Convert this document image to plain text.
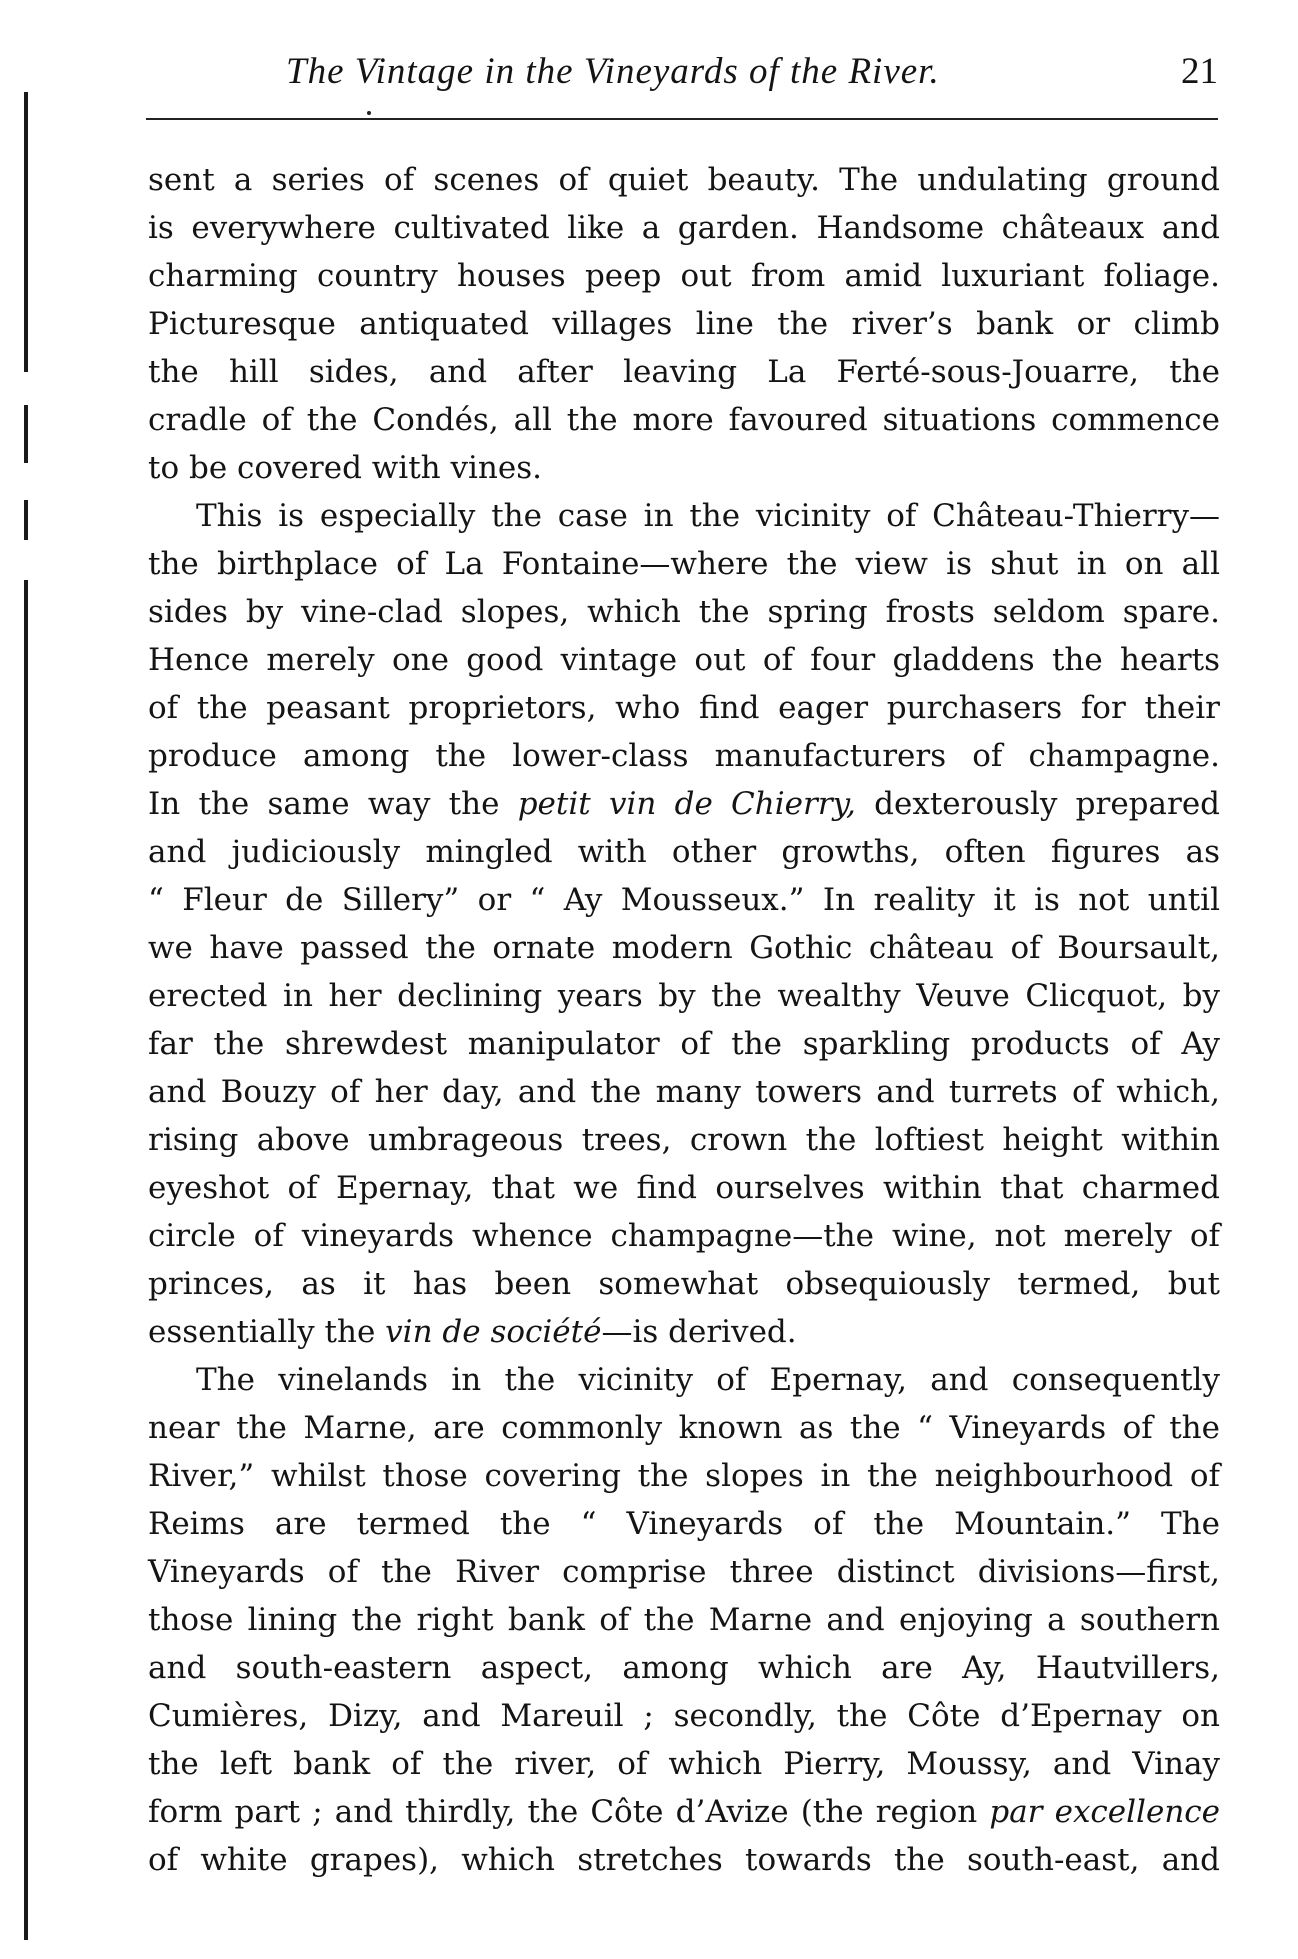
The Vintage in the Vineyards of the River.	21
sent a series of scenes of quiet beauty. The undulating ground
is everywhere cultivated like a garden. Handsome châteaux and
charming country houses peep out from amid luxuriant foliage.
Picturesque antiquated villages line the river’s bank or climb
the hill sides, and after leaving La Ferté-sous-Jouarre, the
cradle of the Condés, all the more favoured situations commence
to be covered with vines.
This is especially the case in the vicinity of Château-Thierry—
the birthplace of La Fontaine—where the view is shut in on all
sides by vine-clad slopes, which the spring frosts seldom spare.
Hence merely one good vintage out of four gladdens the hearts
of the peasant proprietors, who find eager purchasers for their
produce among the lower-class manufacturers of champagne.
In the same way the petit vin de Chierry, dexterously prepared
and judiciously mingled with other growths, often figures as
“ Fleur de Sillery” or “ Ay Mousseux.” In reality it is not until
we have passed the ornate modern Gothic château of Boursault,
erected in her declining years by the wealthy Veuve Clicquot, by
far the shrewdest manipulator of the sparkling products of Ay
and Bouzy of her day, and the many towers and turrets of which,
rising above umbrageous trees, crown the loftiest height within
eyeshot of Epernay, that we find ourselves within that charmed
circle of vineyards whence champagne—the wine, not merely of
princes, as it has been somewhat obsequiously termed, but
essentially the vin de société—is derived.
The vinelands in the vicinity of Epernay, and consequently
near the Marne, are commonly known as the “ Vineyards of the
River,” whilst those covering the slopes in the neighbourhood of
Reims are termed the “ Vineyards of the Mountain.” The
Vineyards of the River comprise three distinct divisions—first,
those lining the right bank of the Marne and enjoying a southern
and south-eastern aspect, among which are Ay, Hautvillers,
Cumières, Dizy, and Mareuil ; secondly, the Côte d’Epernay on
the left bank of the river, of which Pierry, Moussy, and Vinay
form part ; and thirdly, the Côte d’Avize (the region par excellence
of white grapes), which stretches towards the south-east, and
